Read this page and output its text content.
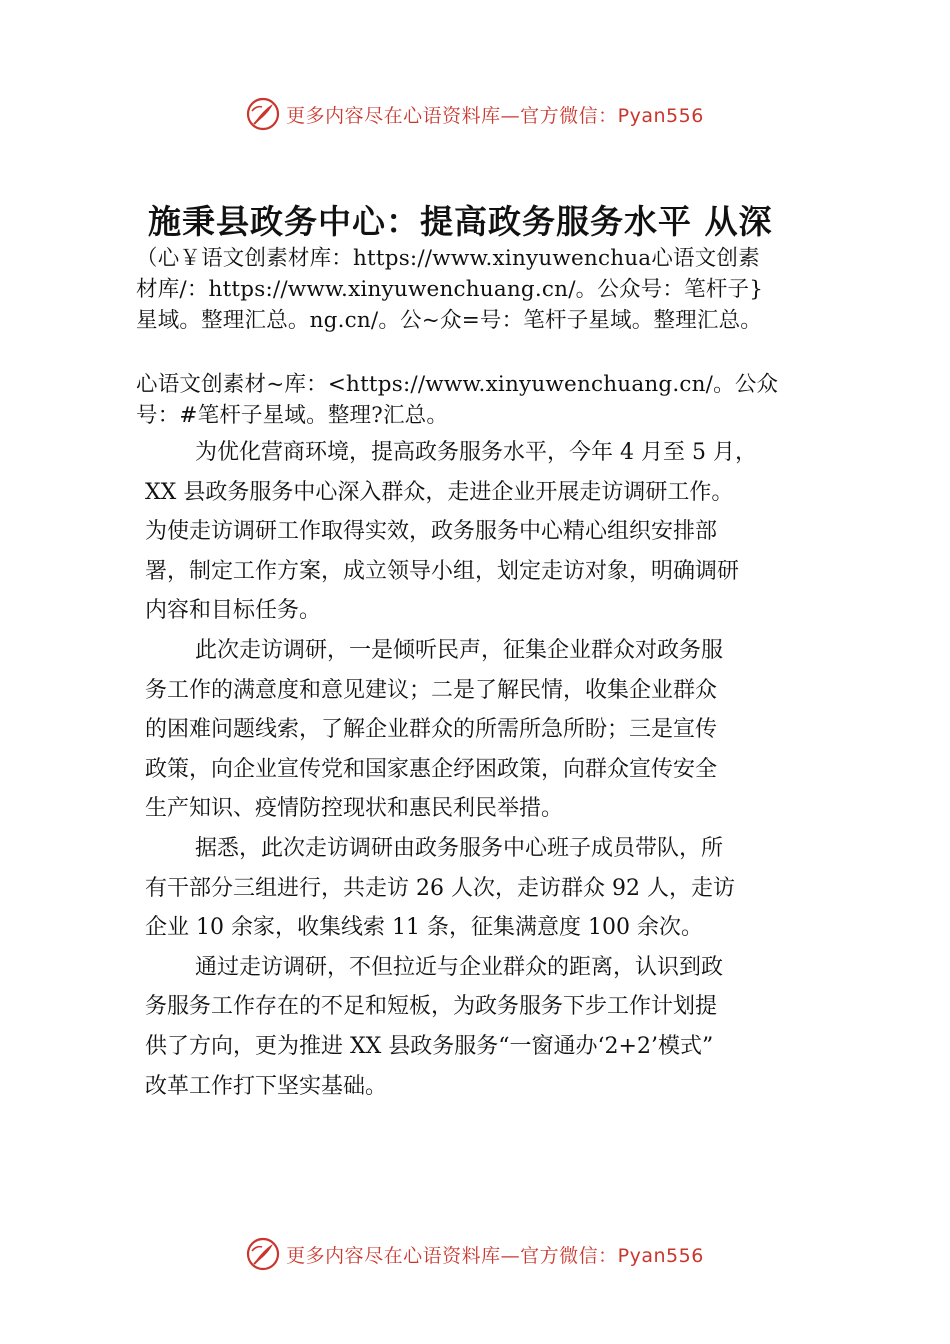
更多内容尽在心语资料库—官方微信：Pyan556
施秉县政务中心：提高政务服务水平 从深

（心￥语文创素材库：https://www.xinyuwenchua心语文创素

材库/：https://www.xinyuwenchuang.cn/。公众号：笔杆子}

星域。整理汇总。ng.cn/。公~众=号：笔杆子星域。整理汇总。

心语文创素材~库：<https://www.xinyuwenchuang.cn/。公众

号：#笔杆子星域。整理?汇总。

为优化营商环境，提高政务服务水平，今年 4 月至 5 月，
XX 县政务服务中心深入群众，走进企业开展走访调研工作。
为使走访调研工作取得实效，政务服务中心精心组织安排部
署，制定工作方案，成立领导小组，划定走访对象，明确调研
内容和目标任务。

此次走访调研，一是倾听民声，征集企业群众对政务服
务工作的满意度和意见建议；二是了解民情，收集企业群众
的困难问题线索，了解企业群众的所需所急所盼；三是宣传
政策，向企业宣传党和国家惠企纾困政策，向群众宣传安全
生产知识、疫情防控现状和惠民利民举措。

据悉，此次走访调研由政务服务中心班子成员带队，所
有干部分三组进行，共走访 26 人次，走访群众 92 人，走访
企业 10 余家，收集线索 11 条，征集满意度 100 余次。

通过走访调研，不但拉近与企业群众的距离，认识到政
务服务工作存在的不足和短板，为政务服务下步工作计划提
供了方向，更为推进 XX 县政务服务“一窗通办‘2+2’模式”
改革工作打下坚实基础。

更多内容尽在心语资料库—官方微信：Pyan556
